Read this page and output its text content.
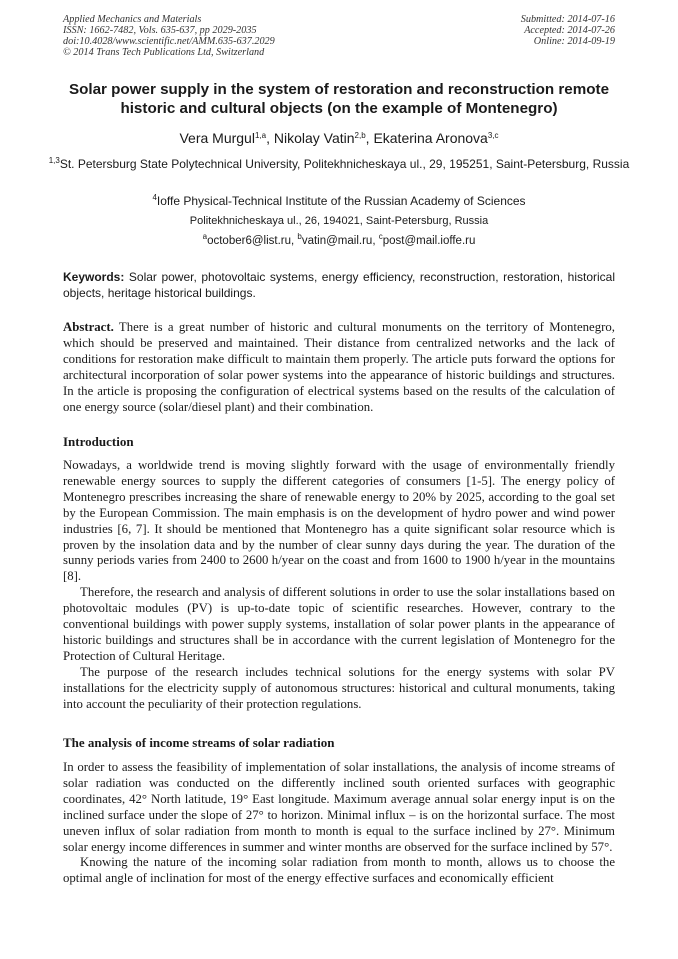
Applied Mechanics and Materials
ISSN: 1662-7482, Vols. 635-637, pp 2029-2035
doi:10.4028/www.scientific.net/AMM.635-637.2029
© 2014 Trans Tech Publications Ltd, Switzerland
Submitted: 2014-07-16
Accepted: 2014-07-26
Online: 2014-09-19
Solar power supply in the system of restoration and reconstruction remote historic and cultural objects (on the example of Montenegro)
Vera Murgul$^{1,a}$, Nikolay Vatin$^{2,b}$, Ekaterina Aronova$^{3,c}$
$^{1,3}$St. Petersburg State Polytechnical University, Politekhnicheskaya ul., 29, 195251, Saint-Petersburg, Russia
$^4$Ioffe Physical-Technical Institute of the Russian Academy of Sciences
Politekhnicheskaya ul., 26, 194021, Saint-Petersburg, Russia
$^a$october6@list.ru, $^b$vatin@mail.ru, $^c$post@mail.ioffe.ru
Keywords: Solar power, photovoltaic systems, energy efficiency, reconstruction, restoration, historical objects, heritage historical buildings.

Abstract. There is a great number of historic and cultural monuments on the territory of Montenegro, which should be preserved and maintained. Their distance from centralized networks and the lack of conditions for restoration make difficult to maintain them properly. The article puts forward the options for architectural incorporation of solar power systems into the appearance of historic buildings and structures. In the article is proposing the configuration of electrical systems based on the results of the calculation of one energy source (solar/diesel plant) and their combination.

Introduction

Nowadays, a worldwide trend is moving slightly forward with the usage of environmentally friendly renewable energy sources to supply the different categories of consumers [1-5]. The energy policy of Montenegro prescribes increasing the share of renewable energy to 20% by 2025, according to the goal set by the European Commission. The main emphasis is on the development of hydro power and wind power industries [6, 7]. It should be mentioned that Montenegro has a quite significant solar resource which is proven by the insolation data and by the number of clear sunny days during the year. The duration of the sunny periods varies from 2400 to 2600 h/year on the coast and from 1600 to 1900 h/year in the mountains [8].

Therefore, the research and analysis of different solutions in order to use the solar installations based on photovoltaic modules (PV) is up-to-date topic of scientific researches. However, contrary to the conventional buildings with power supply systems, installation of solar power plants in the appearance of historic buildings and structures shall be in accordance with the current legislation of Montenegro for the Protection of Cultural Heritage.

The purpose of the research includes technical solutions for the energy systems with solar PV installations for the electricity supply of autonomous structures: historical and cultural monuments, taking into account the peculiarity of their protection regulations.

The analysis of income streams of solar radiation

In order to assess the feasibility of implementation of solar installations, the analysis of income streams of solar radiation was conducted on the differently inclined south oriented surfaces with geographic coordinates, 42° North latitude, 19° East longitude. Maximum average annual solar energy input is on the inclined surface under the slope of 27° to horizon. Minimal influx – is on the horizontal surface. The most uneven influx of solar radiation from month to month is equal to the surface inclined by 27°. Minimum solar energy income differences in summer and winter months are observed for the surface inclined by 57°.

Knowing the nature of the incoming solar radiation from month to month, allows us to choose the optimal angle of inclination for most of the energy effective surfaces and economically efficient
